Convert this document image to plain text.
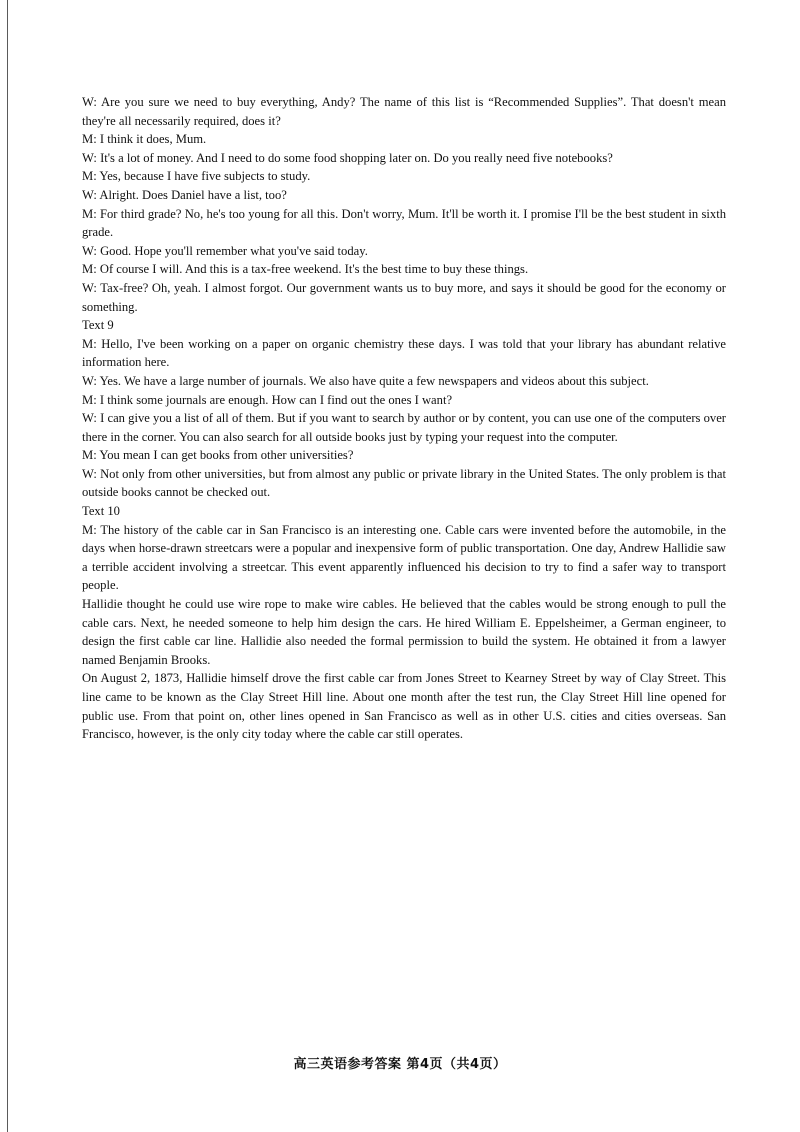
W: Are you sure we need to buy everything, Andy? The name of this list is “Recommended Supplies”. That doesn't mean they're all necessarily required, does it?

M: I think it does, Mum.

W: It's a lot of money. And I need to do some food shopping later on. Do you really need five notebooks?

M: Yes, because I have five subjects to study.

W: Alright. Does Daniel have a list, too?

M: For third grade? No, he's too young for all this. Don't worry, Mum. It'll be worth it. I promise I'll be the best student in sixth grade.

W: Good. Hope you'll remember what you've said today.

M: Of course I will. And this is a tax-free weekend. It's the best time to buy these things.

W: Tax-free? Oh, yeah. I almost forgot. Our government wants us to buy more, and says it should be good for the economy or something.

Text 9

M: Hello, I've been working on a paper on organic chemistry these days. I was told that your library has abundant relative information here.

W: Yes. We have a large number of journals. We also have quite a few newspapers and videos about this subject.

M: I think some journals are enough. How can I find out the ones I want?

W: I can give you a list of all of them. But if you want to search by author or by content, you can use one of the computers over there in the corner. You can also search for all outside books just by typing your request into the computer.

M: You mean I can get books from other universities?

W: Not only from other universities, but from almost any public or private library in the United States. The only problem is that outside books cannot be checked out.

Text 10

M: The history of the cable car in San Francisco is an interesting one. Cable cars were invented before the automobile, in the days when horse-drawn streetcars were a popular and inexpensive form of public transportation. One day, Andrew Hallidie saw a terrible accident involving a streetcar. This event apparently influenced his decision to try to find a safer way to transport people.

Hallidie thought he could use wire rope to make wire cables. He believed that the cables would be strong enough to pull the cable cars. Next, he needed someone to help him design the cars. He hired William E. Eppelsheimer, a German engineer, to design the first cable car line. Hallidie also needed the formal permission to build the system. He obtained it from a lawyer named Benjamin Brooks.

On August 2, 1873, Hallidie himself drove the first cable car from Jones Street to Kearney Street by way of Clay Street. This line came to be known as the Clay Street Hill line. About one month after the test run, the Clay Street Hill line opened for public use. From that point on, other lines opened in San Francisco as well as in other U.S. cities and cities overseas. San Francisco, however, is the only city today where the cable car still operates.

高三英语参考答案 第4页（共4页）
